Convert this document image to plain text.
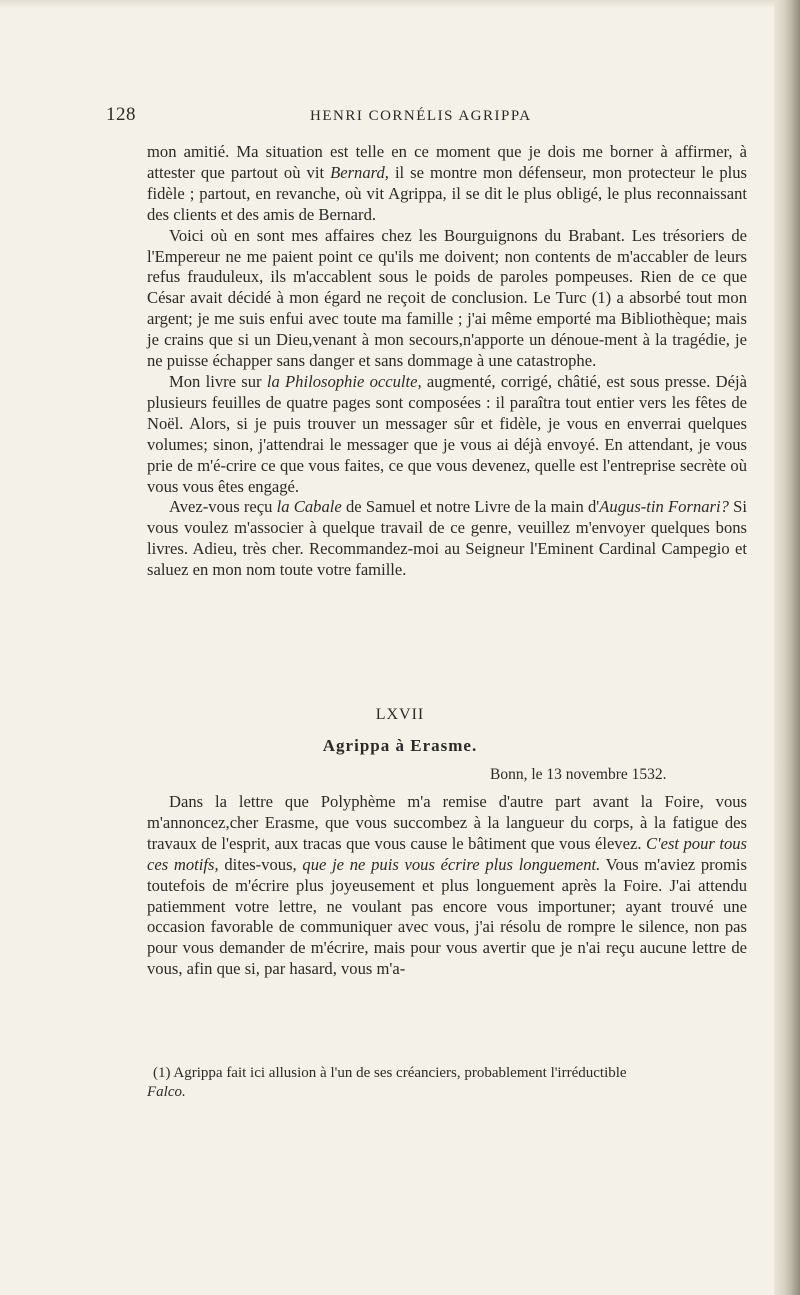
128	HENRI CORNÉLIS AGRIPPA

mon amitié. Ma situation est telle en ce moment que je dois me borner à affirmer, à attester que partout où vit Bernard, il se montre mon défenseur, mon protecteur le plus fidèle ; partout, en revanche, où vit Agrippa, il se dit le plus obligé, le plus reconnaissant des clients et des amis de Bernard.

Voici où en sont mes affaires chez les Bourguignons du Brabant. Les trésoriers de l'Empereur ne me paient point ce qu'ils me doivent; non contents de m'accabler de leurs refus frauduleux, ils m'accablent sous le poids de paroles pompeuses. Rien de ce que César avait décidé à mon égard ne reçoit de conclusion. Le Turc (1) a absorbé tout mon argent; je me suis enfui avec toute ma famille ; j'ai même emporté ma Bibliothèque; mais je crains que si un Dieu,venant à mon secours,n'apporte un dénoue-ment à la tragédie, je ne puisse échapper sans danger et sans dommage à une catastrophe.

Mon livre sur la Philosophie occulte, augmenté, corrigé, châtié, est sous presse. Déjà plusieurs feuilles de quatre pages sont composées : il paraîtra tout entier vers les fêtes de Noël. Alors, si je puis trouver un messager sûr et fidèle, je vous en enverrai quelques volumes; sinon, j'attendrai le messager que je vous ai déjà envoyé. En attendant, je vous prie de m'é-crire ce que vous faites, ce que vous devenez, quelle est l'entreprise secrète où vous vous êtes engagé.

Avez-vous reçu la Cabale de Samuel et notre Livre de la main d'Augus-tin Fornari? Si vous voulez m'associer à quelque travail de ce genre, veuillez m'envoyer quelques bons livres. Adieu, très cher. Recommandez-moi au Seigneur l'Eminent Cardinal Campegio et saluez en mon nom toute votre famille.

LXVII
Agrippa à Erasme.
Bonn, le 13 novembre 1532.

Dans la lettre que Polyphème m'a remise d'autre part avant la Foire, vous m'annoncez,cher Erasme, que vous succombez à la langueur du corps, à la fatigue des travaux de l'esprit, aux tracas que vous cause le bâtiment que vous élevez. C'est pour tous ces motifs, dites-vous, que je ne puis vous écrire plus longuement. Vous m'aviez promis toutefois de m'écrire plus joyeusement et plus longuement après la Foire. J'ai attendu patiemment votre lettre, ne voulant pas encore vous importuner; ayant trouvé une occasion favorable de communiquer avec vous, j'ai résolu de rompre le silence, non pas pour vous demander de m'écrire, mais pour vous avertir que je n'ai reçu aucune lettre de vous, afin que si, par hasard, vous m'a-

(1) Agrippa fait ici allusion à l'un de ses créanciers, probablement l'irréductible
Falco.
